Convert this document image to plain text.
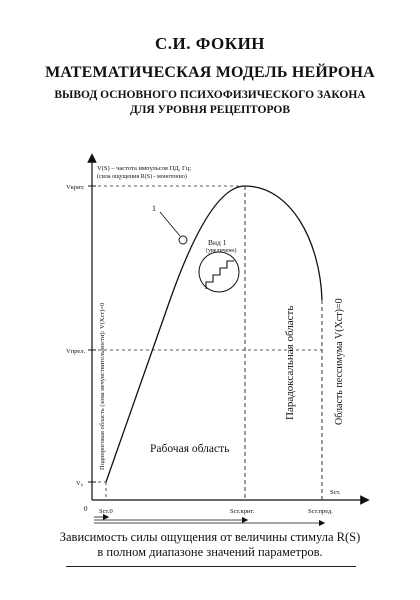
С.И. ФОКИН
МАТЕМАТИЧЕСКАЯ МОДЕЛЬ НЕЙРОНА
ВЫВОД ОСНОВНОГО ПСИХОФИЗИЧЕСКОГО ЗАКОНА
ДЛЯ УРОВНЯ РЕЦЕПТОРОВ
V(S) – частота импульсов ПД, Гц;
(сила ощущения R(S) - монотонно)
Vкрит.
Vпрел.
V₀
0 Sст.0	Sст.крит.	Sст.пред.
Sст.
1
Вид 1
(увеличено)
Подпороговая область (зона нечувствительности): V(Xст)=0	Рабочая область
Парадоксальная область	Область пессимума V(Xст)=0
Зависимость силы ощущения от величины стимула R(S)
в полном диапазоне значений параметров.
